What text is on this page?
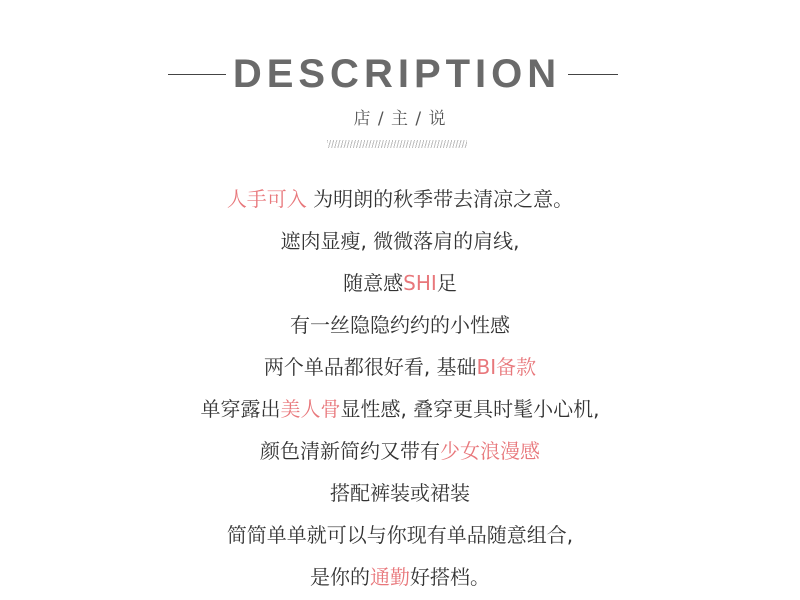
DESCRIPTION
店 / 主 / 说
人手可入 为明朗的秋季带去清凉之意。
遮肉显瘦, 微微落肩的肩线,
随意感SHI足
有一丝隐隐约约的小性感
两个单品都很好看, 基础BI备款
单穿露出美人骨显性感, 叠穿更具时髦小心机,
颜色清新简约又带有少女浪漫感
搭配裤装或裙装
简简单单就可以与你现有单品随意组合,
是你的通勤好搭档。
